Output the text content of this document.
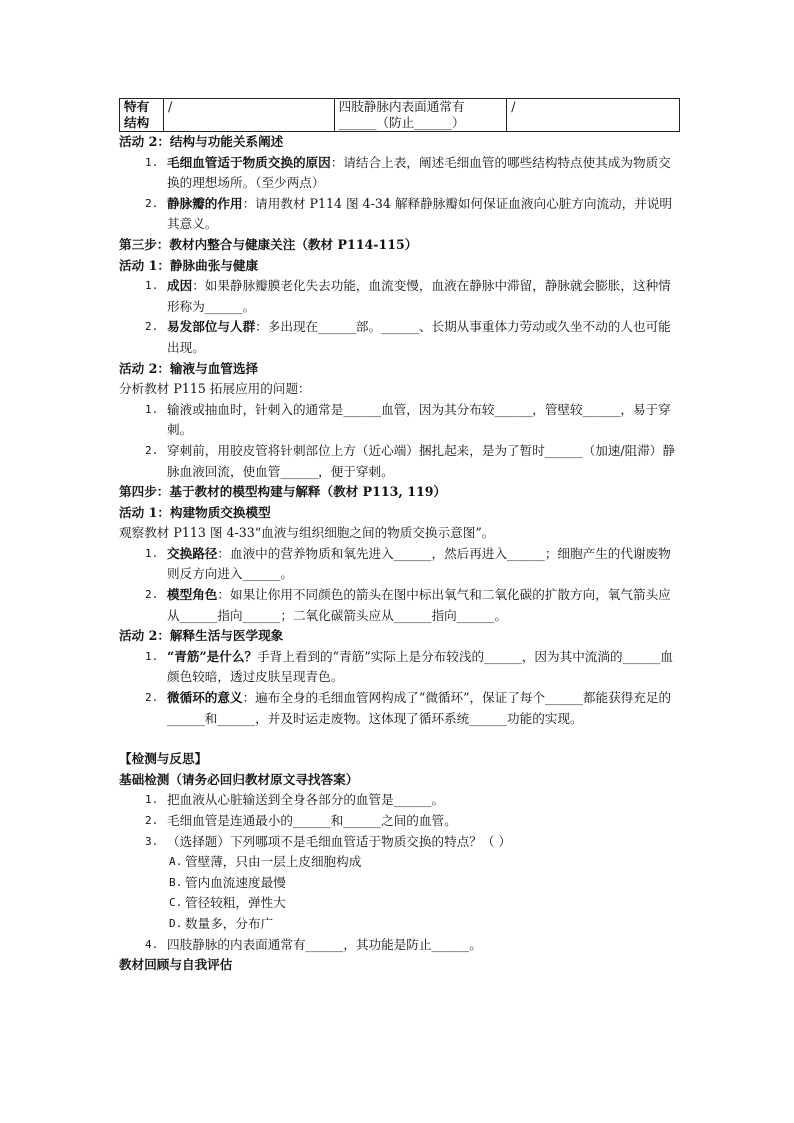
特有结构	/	四肢静脉内表面通常有______（防止______）	/

活动 2：结构与功能关系阐述

1. 毛细血管适于物质交换的原因：请结合上表，阐述毛细血管的哪些结构特点使其成为物质交换的理想场所。（至少两点）

2. 静脉瓣的作用：请用教材 P114 图 4-34 解释静脉瓣如何保证血液向心脏方向流动，并说明其意义。

第三步：教材内整合与健康关注（教材 P114-115）

活动 1：静脉曲张与健康

1. 成因：如果静脉瓣膜老化失去功能，血流变慢，血液在静脉中滞留，静脉就会膨胀，这种情形称为______。

2. 易发部位与人群：多出现在______部。______、长期从事重体力劳动或久坐不动的人也可能出现。

活动 2：输液与血管选择

分析教材 P115 拓展应用的问题：

1. 输液或抽血时，针刺入的通常是______血管，因为其分布较______，管壁较______，易于穿刺。

2. 穿刺前，用胶皮管将针刺部位上方（近心端）捆扎起来，是为了暂时______（加速/阻滞）静脉血液回流，使血管______，便于穿刺。

第四步：基于教材的模型构建与解释（教材 P113, 119）

活动 1：构建物质交换模型

观察教材 P113 图 4-33“血液与组织细胞之间的物质交换示意图”。

1. 交换路径：血液中的营养物质和氧先进入______，然后再进入______；细胞产生的代谢废物则反方向进入______。

2. 模型角色：如果让你用不同颜色的箭头在图中标出氧气和二氧化碳的扩散方向，氧气箭头应从______指向______；二氧化碳箭头应从______指向______。

活动 2：解释生活与医学现象

1. “青筋”是什么？手背上看到的“青筋”实际上是分布较浅的______，因为其中流淌的______血颜色较暗，透过皮肤呈现青色。

2. 微循环的意义：遍布全身的毛细血管网构成了“微循环”，保证了每个______都能获得充足的______和______，并及时运走废物。这体现了循环系统______功能的实现。

【检测与反思】

基础检测（请务必回归教材原文寻找答案）

1. 把血液从心脏输送到全身各部分的血管是______。

2. 毛细血管是连通最小的______和______之间的血管。

3. （选择题）下列哪项不是毛细血管适于物质交换的特点？（ ）

A. 管壁薄，只由一层上皮细胞构成

B. 管内血流速度最慢

C. 管径较粗，弹性大

D. 数量多，分布广

4. 四肢静脉的内表面通常有______，其功能是防止______。

教材回顾与自我评估
